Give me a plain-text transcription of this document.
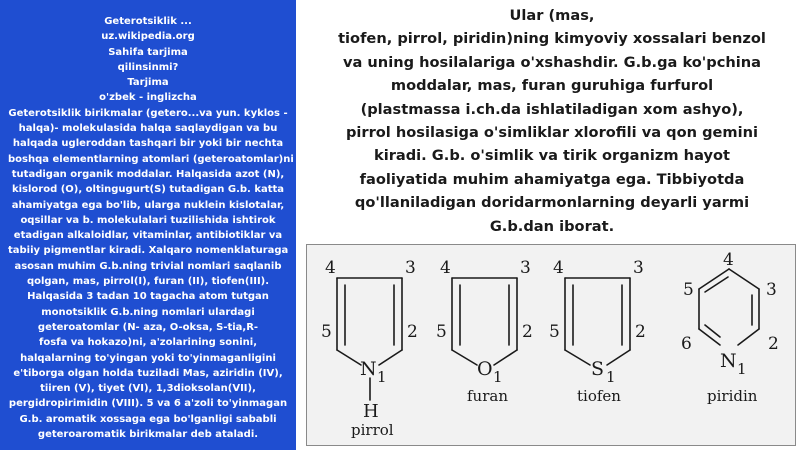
Geterotsiklik ...
uz.wikipedia.org
Sahifa tarjima
qilinsinmi?
Tarjima
o'zbek - inglizcha
Geterotsiklik birikmalar (getero...va yun. kyklos -
halqa)- molekulasida halqa saqlaydigan va bu
halqada ugleroddan tashqari bir yoki bir nechta
boshqa elementlarning atomlari (geteroatomlar)ni
tutadigan organik moddalar. Halqasida azot (N),
kislorod (O), oltingugurt(S) tutadigan G.b. katta
ahamiyatga ega bo'lib, ularga nuklein kislotalar,
oqsillar va b. molekulalari tuzilishida ishtirok
etadigan alkaloidlar, vitaminlar, antibiotiklar va
tabiiy pigmentlar kiradi. Xalqaro nomenklaturaga
asosan muhim G.b.ning trivial nomlari saqlanib
qolgan, mas, pirrol(I), furan (II), tiofen(III).
Halqasida 3 tadan 10 tagacha atom tutgan
monotsiklik G.b.ning nomlari ulardagi
geteroatomlar (N- aza, O-oksa, S-tia,R-
fosfa va hokazo)ni, a'zolarining sonini,
halqalarning to'yingan yoki to'yinmaganligini
e'tiborga olgan holda tuziladi Mas, aziridin (IV),
tiiren (V), tiyet (VI), 1,3dioksolan(VII),
pergidropirimidin (VIII). 5 va 6 a'zoli to'yinmagan
G.b. aromatik xossaga ega bo'lganligi sababli
geteroaromatik birikmalar deb ataladi.
Ular (mas,
tiofen, pirrol, piridin)ning kimyoviy xossalari benzol
va uning hosilalariga o'xshashdir. G.b.ga ko'pchina
moddalar, mas, furan guruhiga furfurol
(plastmassa i.ch.da ishlatiladigan xom ashyo),
pirrol hosilasiga o'simliklar xlorofili va qon gemini
kiradi. G.b. o'simlik va tirik organizm hayot
faoliyatida muhim ahamiyatga ega. Tibbiyotda
qo'llaniladigan doridarmonlarning deyarli yarmi
G.b.dan iborat.
4	3
5	2
N 1
H
pirrol
4	3
5	2
O 1
furan
4	3
5	2
S 1
tiofen
4
5	3
6	2
N 1
piridin
